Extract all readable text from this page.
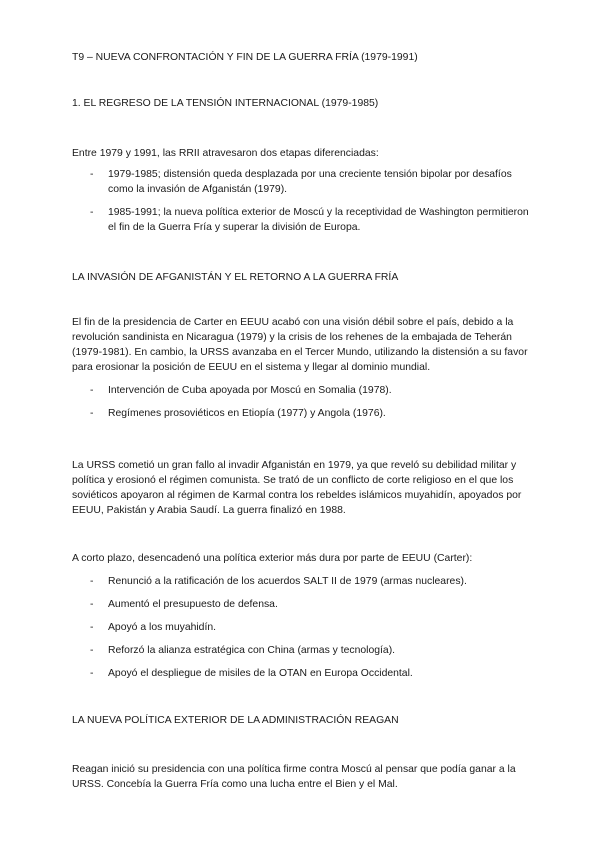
T9 – NUEVA CONFRONTACIÓN Y FIN DE LA GUERRA FRÍA (1979-1991)

1. EL REGRESO DE LA TENSIÓN INTERNACIONAL (1979-1985)

Entre 1979 y 1991, las RRII atravesaron dos etapas diferenciadas:

- 1979-1985; distensión queda desplazada por una creciente tensión bipolar por desafíos como la invasión de Afganistán (1979).
- 1985-1991; la nueva política exterior de Moscú y la receptividad de Washington permitieron el fin de la Guerra Fría y superar la división de Europa.

LA INVASIÓN DE AFGANISTÁN Y EL RETORNO A LA GUERRA FRÍA

El fin de la presidencia de Carter en EEUU acabó con una visión débil sobre el país, debido a la revolución sandinista en Nicaragua (1979) y la crisis de los rehenes de la embajada de Teherán (1979-1981). En cambio, la URSS avanzaba en el Tercer Mundo, utilizando la distensión a su favor para erosionar la posición de EEUU en el sistema y llegar al dominio mundial.

- Intervención de Cuba apoyada por Moscú en Somalia (1978).
- Regímenes prosoviéticos en Etiopía (1977) y Angola (1976).

La URSS cometió un gran fallo al invadir Afganistán en 1979, ya que reveló su debilidad militar y política y erosionó el régimen comunista. Se trató de un conflicto de corte religioso en el que los soviéticos apoyaron al régimen de Karmal contra los rebeldes islámicos muyahidín, apoyados por EEUU, Pakistán y Arabia Saudí. La guerra finalizó en 1988.

A corto plazo, desencadenó una política exterior más dura por parte de EEUU (Carter):

- Renunció a la ratificación de los acuerdos SALT II de 1979 (armas nucleares).
- Aumentó el presupuesto de defensa.
- Apoyó a los muyahidín.
- Reforzó la alianza estratégica con China (armas y tecnología).
- Apoyó el despliegue de misiles de la OTAN en Europa Occidental.

LA NUEVA POLÍTICA EXTERIOR DE LA ADMINISTRACIÓN REAGAN

Reagan inició su presidencia con una política firme contra Moscú al pensar que podía ganar a la URSS. Concebía la Guerra Fría como una lucha entre el Bien y el Mal.
